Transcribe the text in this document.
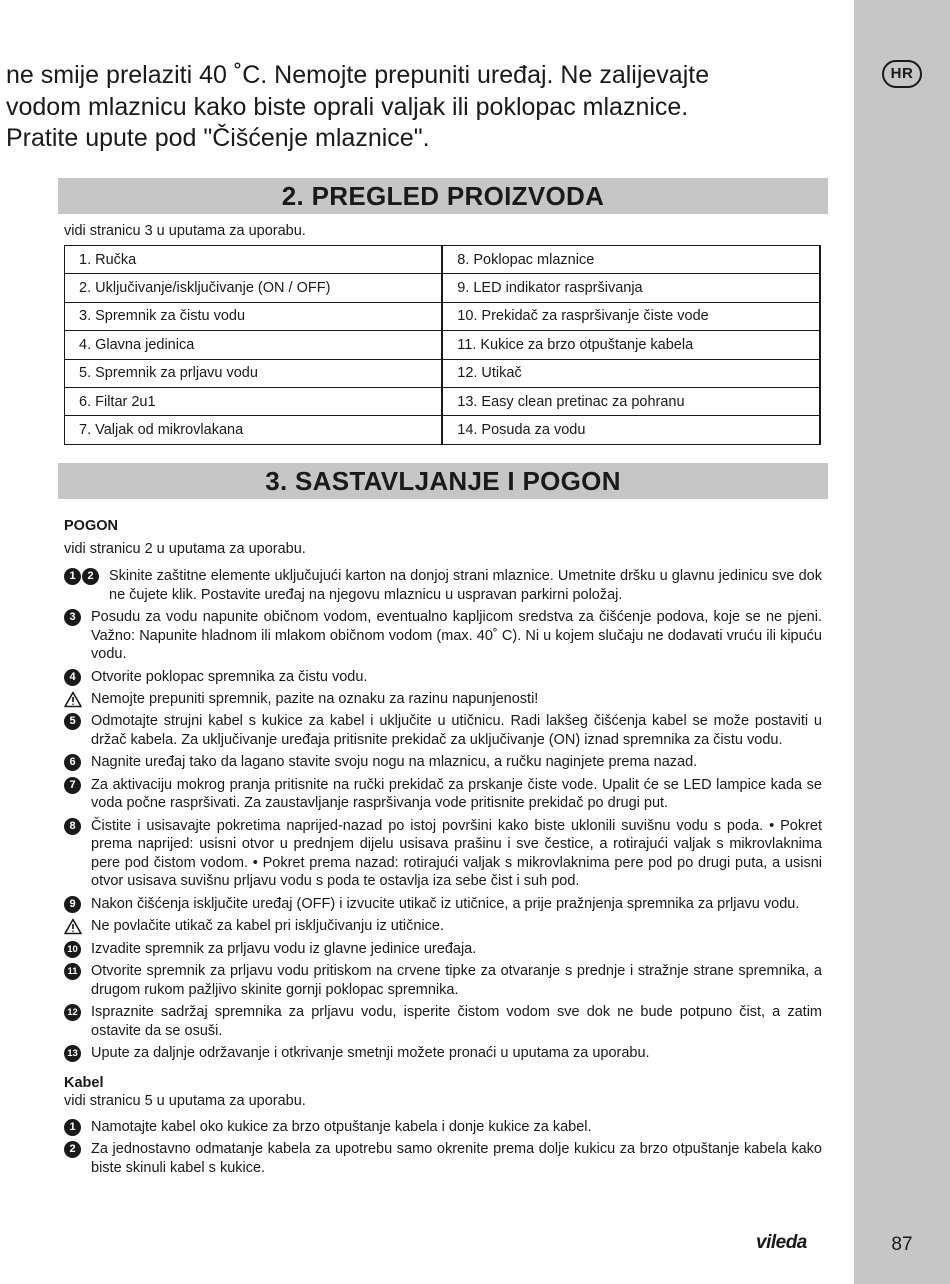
HR
87
ne smije prelaziti 40 ˚C. Nemojte prepuniti uređaj. Ne zalijevajte
vodom mlaznicu kako biste oprali valjak ili poklopac mlaznice.
Pratite upute pod "Čišćenje mlaznice".
2. PREGLED PROIZVODA
vidi stranicu 3 u uputama za uporabu.
1. Ručka	8. Poklopac mlaznice
2. Uključivanje/isključivanje (ON / OFF)	9. LED indikator raspršivanja
3. Spremnik za čistu vodu	10. Prekidač za raspršivanje čiste vode
4. Glavna jedinica	11. Kukice za brzo otpuštanje kabela
5. Spremnik za prljavu vodu	12. Utikač
6. Filtar 2u1	13. Easy clean pretinac za pohranu
7. Valjak od mikrovlakana	14. Posuda za vodu
3. SASTAVLJANJE I POGON
POGON
vidi stranicu 2 u uputama za uporabu.
1	2	Skinite zaštitne elemente uključujući karton na donjoj strani mlaznice. Umetnite dršku u glavnu jedinicu sve dok ne čujete klik. Postavite uređaj na njegovu mlaznicu u uspravan parkirni položaj.
3	Posudu za vodu napunite običnom vodom, eventualno kapljicom sredstva za čišćenje podova, koje se ne pjeni. Važno: Napunite hladnom ili mlakom običnom vodom (max. 40˚ C). Ni u kojem slučaju ne dodavati vruću ili kipuću vodu.
4	Otvorite poklopac spremnika za čistu vodu.
Nemojte prepuniti spremnik, pazite na oznaku za razinu napunjenosti!
5	Odmotajte strujni kabel s kukice za kabel i uključite u utičnicu. Radi lakšeg čišćenja kabel se može postaviti u držač kabela. Za uključivanje uređaja pritisnite prekidač za uključivanje (ON) iznad spremnika za čistu vodu.
6	Nagnite uređaj tako da lagano stavite svoju nogu na mlaznicu, a ručku naginjete prema nazad.
7	Za aktivaciju mokrog pranja pritisnite na ručki prekidač za prskanje čiste vode. Upalit će se LED lampice kada se voda počne raspršivati. Za zaustavljanje raspršivanja vode pritisnite prekidač po drugi put.
8	Čistite i usisavajte pokretima naprijed-nazad po istoj površini kako biste uklonili suvišnu vodu s poda. • Pokret prema naprijed: usisni otvor u prednjem dijelu usisava prašinu i sve čestice, a rotirajući valjak s mikrovlaknima pere pod čistom vodom. • Pokret prema nazad: rotirajući valjak s mikrovlaknima pere pod po drugi puta, a usisni otvor usisava suvišnu prljavu vodu s poda te ostavlja iza sebe čist i suh pod.
9	Nakon čišćenja isključite uređaj (OFF) i izvucite utikač iz utičnice, a prije pražnjenja spremnika za prljavu vodu.
Ne povlačite utikač za kabel pri isključivanju iz utičnice.
10 Izvadite spremnik za prljavu vodu iz glavne jedinice uređaja.
11 Otvorite spremnik za prljavu vodu pritiskom na crvene tipke za otvaranje s prednje i stražnje strane spremnika, a drugom rukom pažljivo skinite gornji poklopac spremnika.
12 Ispraznite sadržaj spremnika za prljavu vodu, isperite čistom vodom sve dok ne bude potpuno čist, a zatim ostavite da se osuši.
13 Upute za daljnje održavanje i otkrivanje smetnji možete pronaći u uputama za uporabu.
Kabel
vidi stranicu 5 u uputama za uporabu.
1	Namotajte kabel oko kukice za brzo otpuštanje kabela i donje kukice za kabel.
2	Za jednostavno odmatanje kabela za upotrebu samo okrenite prema dolje kukicu za brzo otpuštanje kabela kako biste skinuli kabel s kukice.
vileda
